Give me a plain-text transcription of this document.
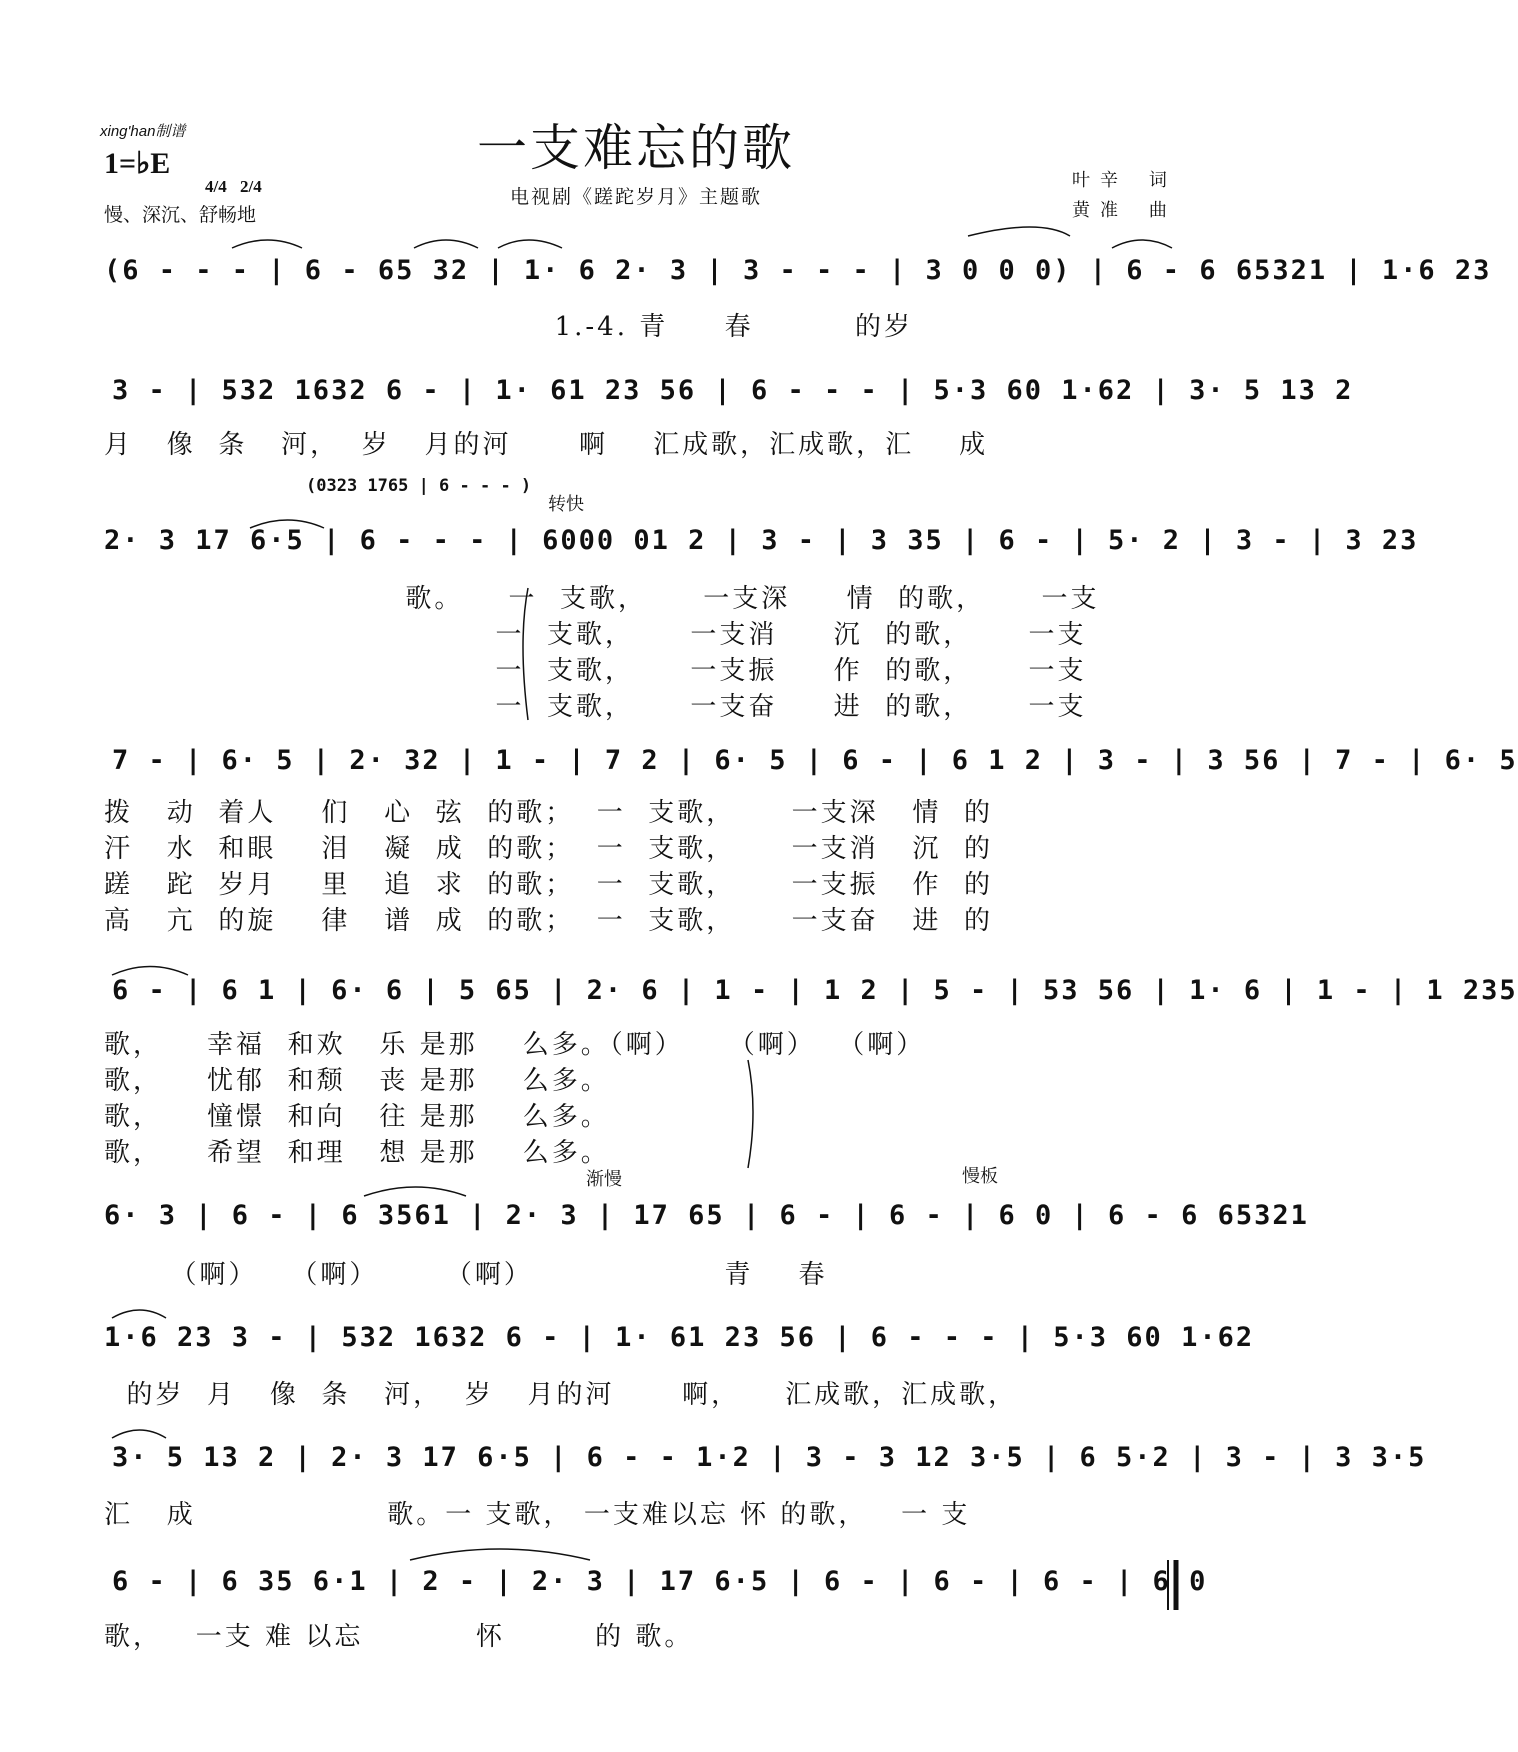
xing'han制谱
1=♭E

4/4

2/4

一支难忘的歌
电视剧《蹉跎岁月》主题歌
慢、深沉、舒畅地
叶辛 词
黄准 曲
转快
渐慢	慢板
(0323 1765 | 6 - - - )
(6 - - - | 6 - 65 32 | 1· 6 2· 3 | 3 - - - | 3 0 0 0) | 6 - 6 65321 | 1·6 23
1.-4. 青     春         的岁
3 - | 532 1632 6 - | 1· 61 23 56 | 6 - - - | 5·3 60 1·62 | 3· 5 13 2
月   像  条   河，  岁   月的河      啊    汇成歌，汇成歌，汇    成
2· 3 17 6·5 | 6 - - - | 6000 01 2 | 3 - | 3 35 | 6 - | 5· 2 | 3 - | 3 23
歌。    一  支歌，     一支深     情  的歌，     一支
一  支歌，     一支消     沉  的歌，     一支
一  支歌，     一支振     作  的歌，     一支
一  支歌，     一支奋     进  的歌，     一支
7 - | 6· 5 | 2· 32 | 1 - | 7 2 | 6· 5 | 6 - | 6 1 2 | 3 - | 3 56 | 7 - | 6· 5
拨   动  着人    们   心  弦  的歌；  一  支歌，     一支深   情  的
汗   水  和眼    泪   凝  成  的歌；  一  支歌，     一支消   沉  的
蹉   跎  岁月    里   追  求  的歌；  一  支歌，     一支振   作  的
高   亢  的旋    律   谱  成  的歌；  一  支歌，     一支奋   进  的
6 - | 6 1 | 6· 6 | 5 65 | 2· 6 | 1 - | 1 2 | 5 - | 53 56 | 1· 6 | 1 - | 1 235
歌，    幸福  和欢   乐 是那    么多。（啊）    （啊）  （啊）
歌，    忧郁  和颓   丧 是那    么多。
歌，    憧憬  和向   往 是那    么多。
歌，    希望  和理   想 是那    么多。
6· 3 | 6 - | 6 3561 | 2· 3 | 17 65 | 6 - | 6 - | 6 0 | 6 - 6 65321
（啊）   （啊）      （啊）                 青    春
1·6 23 3 - | 532 1632 6 - | 1· 61 23 56 | 6 - - - | 5·3 60 1·62
的岁  月   像  条   河，  岁   月的河      啊，    汇成歌，汇成歌，
3· 5 13 2 | 2· 3 17 6·5 | 6 - - 1·2 | 3 - 3 12 3·5 | 6 5·2 | 3 - | 3 3·5
汇   成                 歌。一 支歌， 一支难以忘 怀 的歌，   一 支
6 - | 6 35 6·1 | 2 - | 2· 3 | 17 6·5 | 6 - | 6 - | 6 - | 6 0
歌，   一支 难 以忘          怀        的 歌。
